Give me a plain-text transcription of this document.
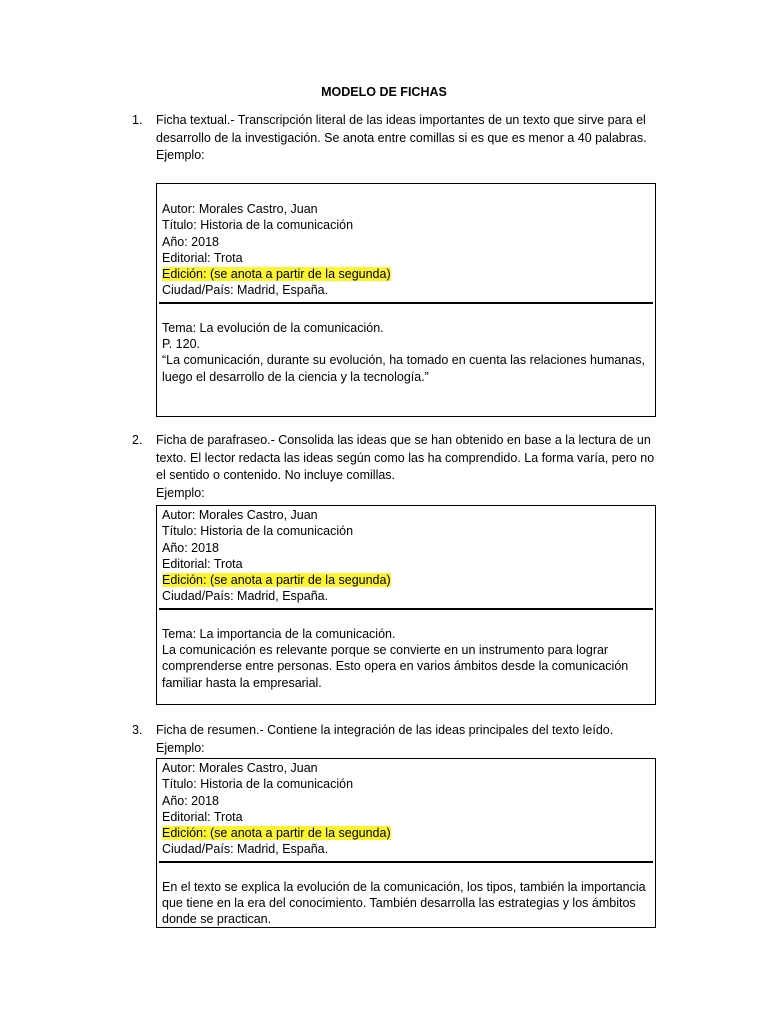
MODELO DE FICHAS
1.	Ficha textual.- Transcripción literal de las ideas importantes de un texto que sirve para el desarrollo de la investigación. Se anota entre comillas si es que es menor a 40 palabras.
Ejemplo:
Autor: Morales Castro, Juan
Título: Historia de la comunicación
Año: 2018
Editorial: Trota
Edición: (se anota a partir de la segunda)
Ciudad/País: Madrid, España.
Tema: La evolución de la comunicación.
P. 120.
“La comunicación, durante su evolución, ha tomado en cuenta las relaciones humanas, luego el desarrollo de la ciencia y la tecnología.”
2.	Ficha de parafraseo.- Consolida las ideas que se han obtenido en base a la lectura de un texto. El lector redacta las ideas según como las ha comprendido. La forma varía, pero no el sentido o contenido. No incluye comillas.
Ejemplo:
Autor: Morales Castro, Juan
Título: Historia de la comunicación
Año: 2018
Editorial: Trota
Edición: (se anota a partir de la segunda)
Ciudad/País: Madrid, España.
Tema: La importancia de la comunicación.
La comunicación es relevante porque se convierte en un instrumento para lograr comprenderse entre personas. Esto opera en varios ámbitos desde la comunicación familiar hasta la empresarial.
3.	Ficha de resumen.- Contiene la integración de las ideas principales del texto leído.
Ejemplo:
Autor: Morales Castro, Juan
Título: Historia de la comunicación
Año: 2018
Editorial: Trota
Edición: (se anota a partir de la segunda)
Ciudad/País: Madrid, España.
En el texto se explica la evolución de la comunicación, los tipos, también la importancia que tiene en la era del conocimiento. También desarrolla las estrategias y los ámbitos donde se practican.
